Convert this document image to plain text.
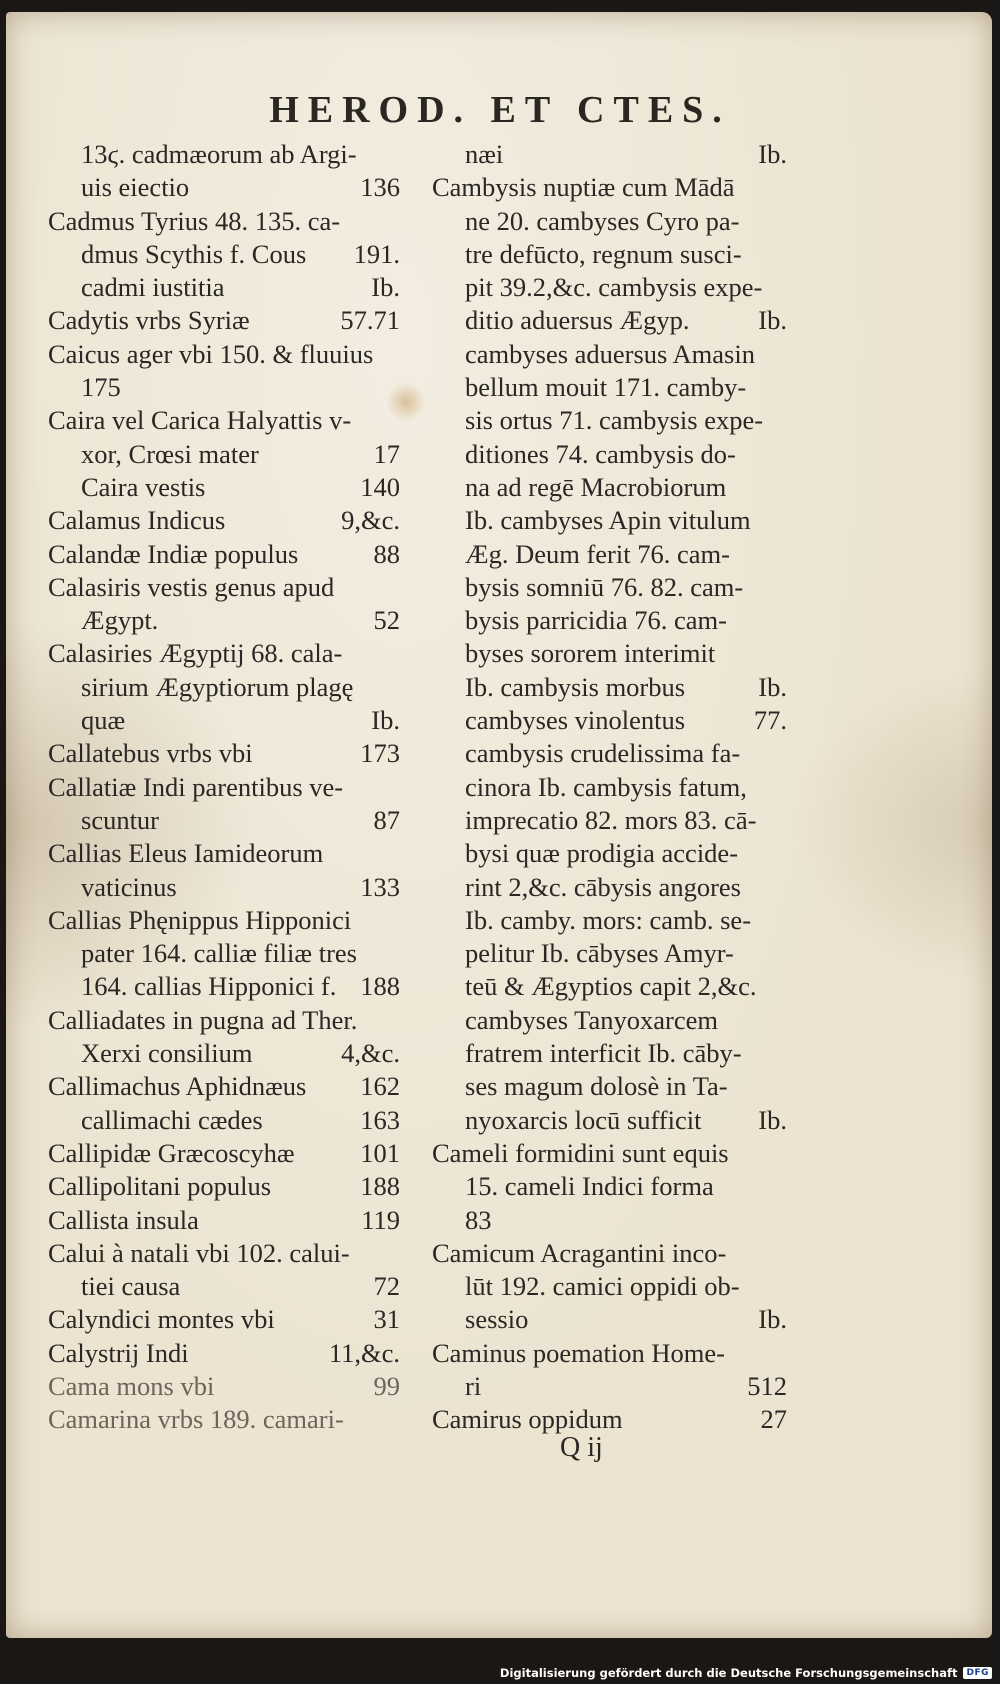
HEROD. ET CTES.
13ϛ. cadmæorum ab Argi-
uis eiectio	136
Cadmus Tyrius 48. 135. ca-
dmus Scythis f. Cous	191.
cadmi iustitia	Ib.
Cadytis vrbs Syriæ	57.71
Caicus ager vbi 150. & fluuius
175
Caira vel Carica Halyattis v-
xor, Crœsi mater	17
Caira vestis	140
Calamus Indicus	9,&c.
Calandæ Indiæ populus	88
Calasiris vestis genus apud
Ægypt.	52
Calasiries Ægyptij 68. cala-
sirium Ægyptiorum plagę
quæ	Ib.
Callatebus vrbs vbi	173
Callatiæ Indi parentibus ve-
scuntur	87
Callias Eleus Iamideorum
vaticinus	133
Callias Phęnippus Hipponici
pater 164. calliæ filiæ tres
164. callias Hipponici f. 188
Calliadates in pugna ad Ther.
Xerxi consilium	4,&c.
Callimachus Aphidnæus	162
callimachi cædes	163
Callipidæ Græcoscyhæ	101
Callipolitani populus	188
Callista insula	119
Calui à natali vbi 102. calui-
tiei causa	72
Calyndici montes vbi	31
Calystrij Indi	11,&c.
Cama mons vbi	99
Camarina vrbs 189. camari-
næi	Ib.
Cambysis nuptiæ cum Mādā
ne 20. cambyses Cyro pa-
tre defūcto, regnum susci-
pit 39.2,&c. cambysis expe-
ditio aduersus Ægyp.	Ib.
cambyses aduersus Amasin
bellum mouit 171. camby-
sis ortus 71. cambysis expe-
ditiones 74. cambysis do-
na ad regē Macrobiorum
Ib. cambyses Apin vitulum
Æg. Deum ferit 76. cam-
bysis somniū 76. 82. cam-
bysis parricidia 76. cam-
byses sororem interimit
Ib. cambysis morbus	Ib.
cambyses vinolentus	77.
cambysis crudelissima fa-
cinora Ib. cambysis fatum,
imprecatio 82. mors 83. cā-
bysi quæ prodigia accide-
rint 2,&c. cābysis angores
Ib. camby. mors: camb. se-
pelitur Ib. cābyses Amyr-
teū & Ægyptios capit 2,&c.
cambyses Tanyoxarcem
fratrem interficit Ib. cāby-
ses magum dolosè in Ta-
nyoxarcis locū sufficit	Ib.
Cameli formidini sunt equis
15. cameli Indici forma
83
Camicum Acragantini inco-
lūt 192. camici oppidi ob-
sessio	Ib.
Caminus poemation Home-
ri	512
Camirus oppidum	27
Q ij
Digitalisierung gefördert durch die Deutsche Forschungsgemeinschaft	DFG
